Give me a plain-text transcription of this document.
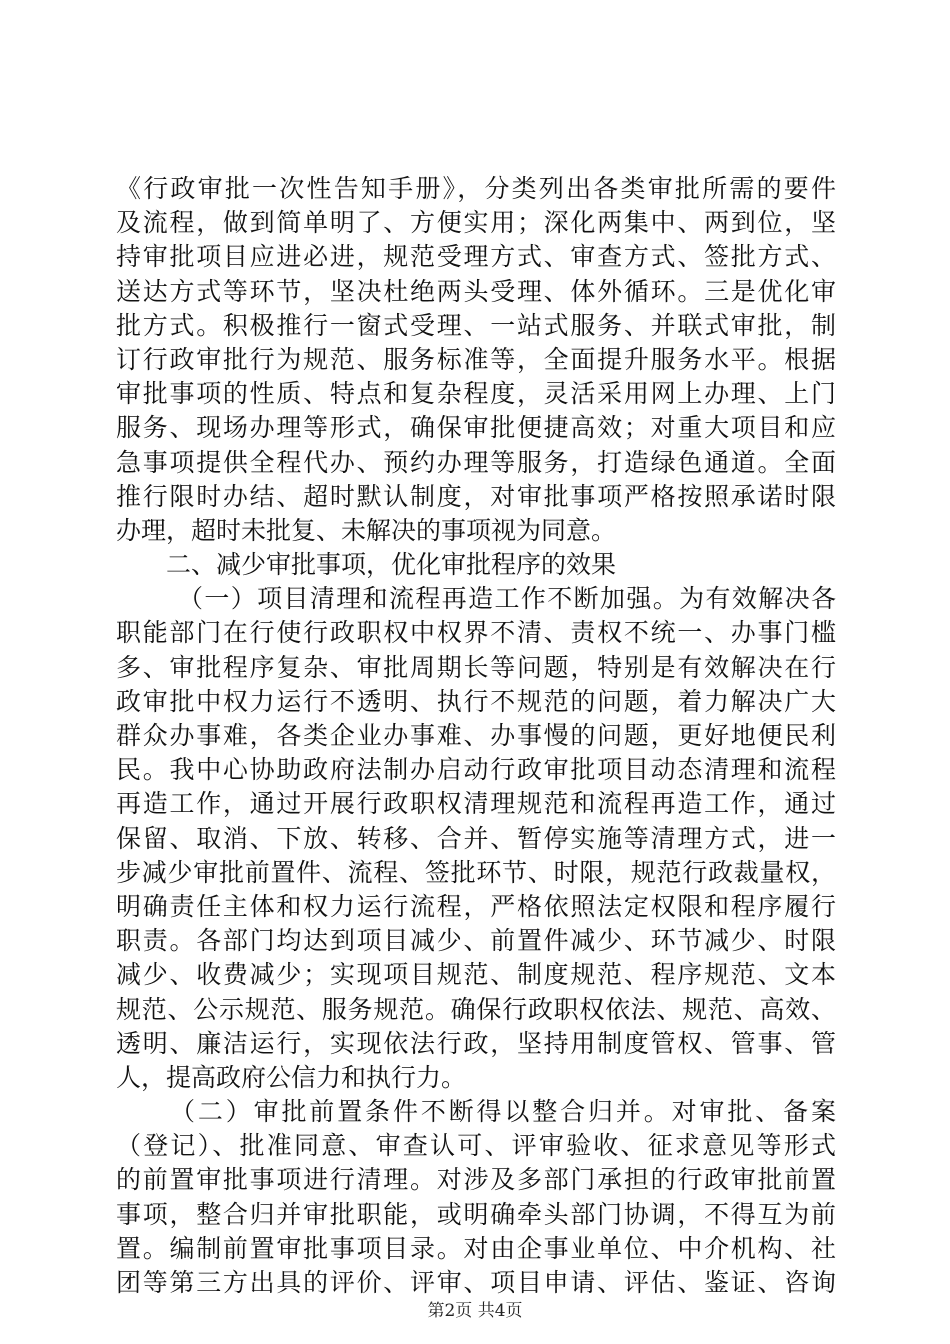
《行政审批一次性告知手册》，分类列出各类审批所需的要件
及流程，做到简单明了、方便实用；深化两集中、两到位，坚
持审批项目应进必进，规范受理方式、审查方式、签批方式、
送达方式等环节，坚决杜绝两头受理、体外循环。三是优化审
批方式。积极推行一窗式受理、一站式服务、并联式审批，制
订行政审批行为规范、服务标准等，全面提升服务水平。根据
审批事项的性质、特点和复杂程度，灵活采用网上办理、上门
服务、现场办理等形式，确保审批便捷高效；对重大项目和应
急事项提供全程代办、预约办理等服务，打造绿色通道。全面
推行限时办结、超时默认制度，对审批事项严格按照承诺时限
办理，超时未批复、未解决的事项视为同意。
二、减少审批事项，优化审批程序的效果
（一）项目清理和流程再造工作不断加强。为有效解决各
职能部门在行使行政职权中权界不清、责权不统一、办事门槛
多、审批程序复杂、审批周期长等问题，特别是有效解决在行
政审批中权力运行不透明、执行不规范的问题，着力解决广大
群众办事难，各类企业办事难、办事慢的问题，更好地便民利
民。我中心协助政府法制办启动行政审批项目动态清理和流程
再造工作，通过开展行政职权清理规范和流程再造工作，通过
保留、取消、下放、转移、合并、暂停实施等清理方式，进一
步减少审批前置件、流程、签批环节、时限，规范行政裁量权，
明确责任主体和权力运行流程，严格依照法定权限和程序履行
职责。各部门均达到项目减少、前置件减少、环节减少、时限
减少、收费减少；实现项目规范、制度规范、程序规范、文本
规范、公示规范、服务规范。确保行政职权依法、规范、高效、
透明、廉洁运行，实现依法行政，坚持用制度管权、管事、管
人，提高政府公信力和执行力。
（二）审批前置条件不断得以整合归并。对审批、备案
（登记）、批准同意、审查认可、评审验收、征求意见等形式
的前置审批事项进行清理。对涉及多部门承担的行政审批前置
事项，整合归并审批职能，或明确牵头部门协调，不得互为前
置。编制前置审批事项目录。对由企事业单位、中介机构、社
团等第三方出具的评价、评审、项目申请、评估、鉴证、咨询
第2页 共4页
